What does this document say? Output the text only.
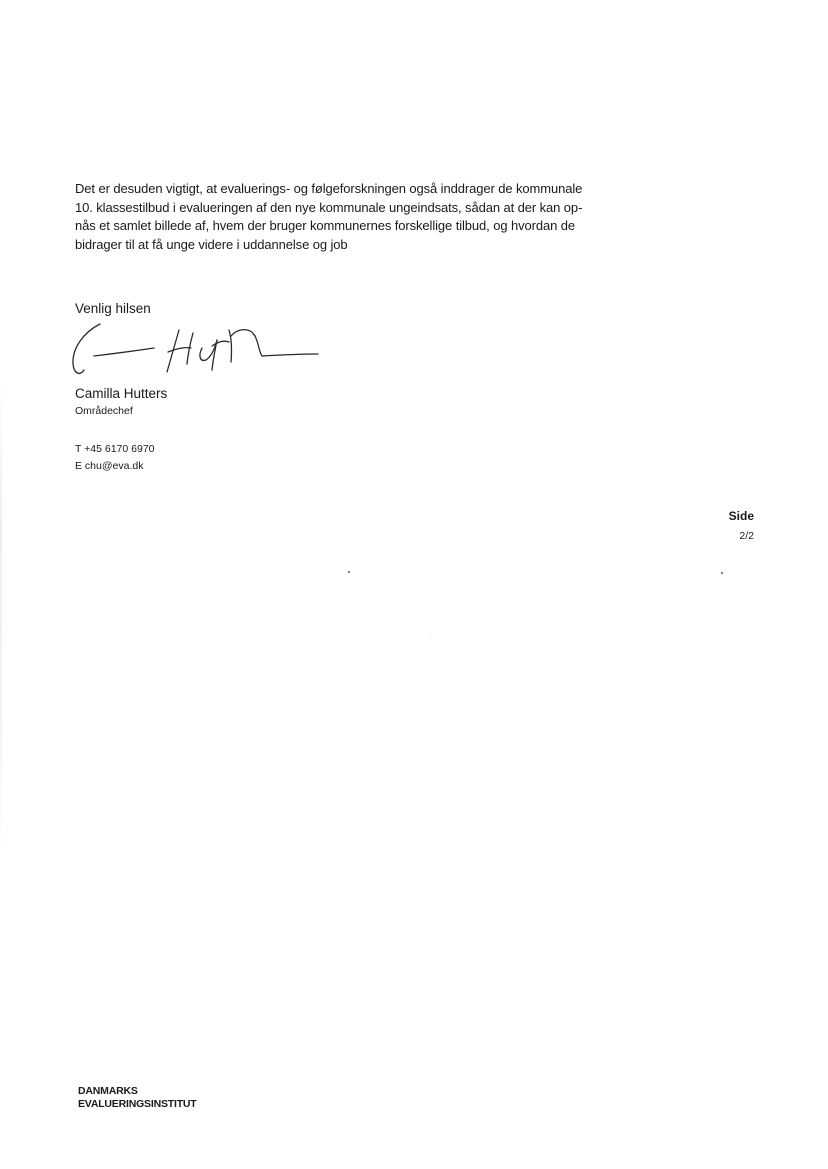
Det er desuden vigtigt, at evaluerings- og følgeforskningen også inddrager de kommunale
10. klassestilbud i evalueringen af den nye kommunale ungeindsats, sådan at der kan op-
nås et samlet billede af, hvem der bruger kommunernes forskellige tilbud, og hvordan de
bidrager til at få unge videre i uddannelse og job
Venlig hilsen
Camilla Hutters
Områdechef
T +45 6170 6970
E chu@eva.dk
Side
2/2
DANMARKS
EVALUERINGSINSTITUT
